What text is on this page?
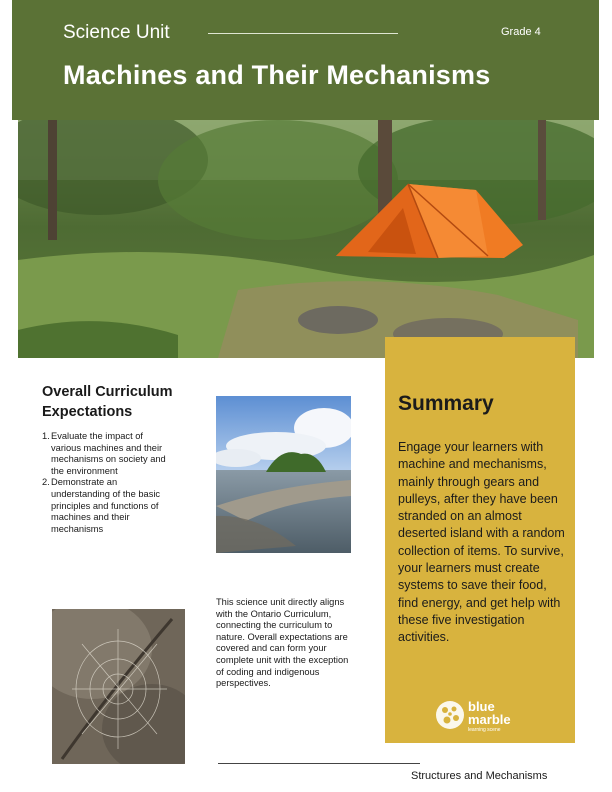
Science Unit	Grade 4
Machines and Their Mechanisms
Overall Curriculum Expectations
1. Evaluate the impact of various machines and their mechanisms on society and the environment
2. Demonstrate an understanding of the basic principles and functions of machines and their mechanisms
This science unit directly aligns with the Ontario Curriculum, connecting the curriculum to nature. Overall expectations are covered and can form your complete unit with the exception of coding and indigenous perspectives.
Summary
Engage your learners with machine and mechanisms, mainly through gears and pulleys, after they have been stranded on an almost deserted island with a random collection of items. To survive, your learners must create systems to save their food, find energy, and get help with these five investigation activities.
blue marble
learning scene
Structures and Mechanisms
